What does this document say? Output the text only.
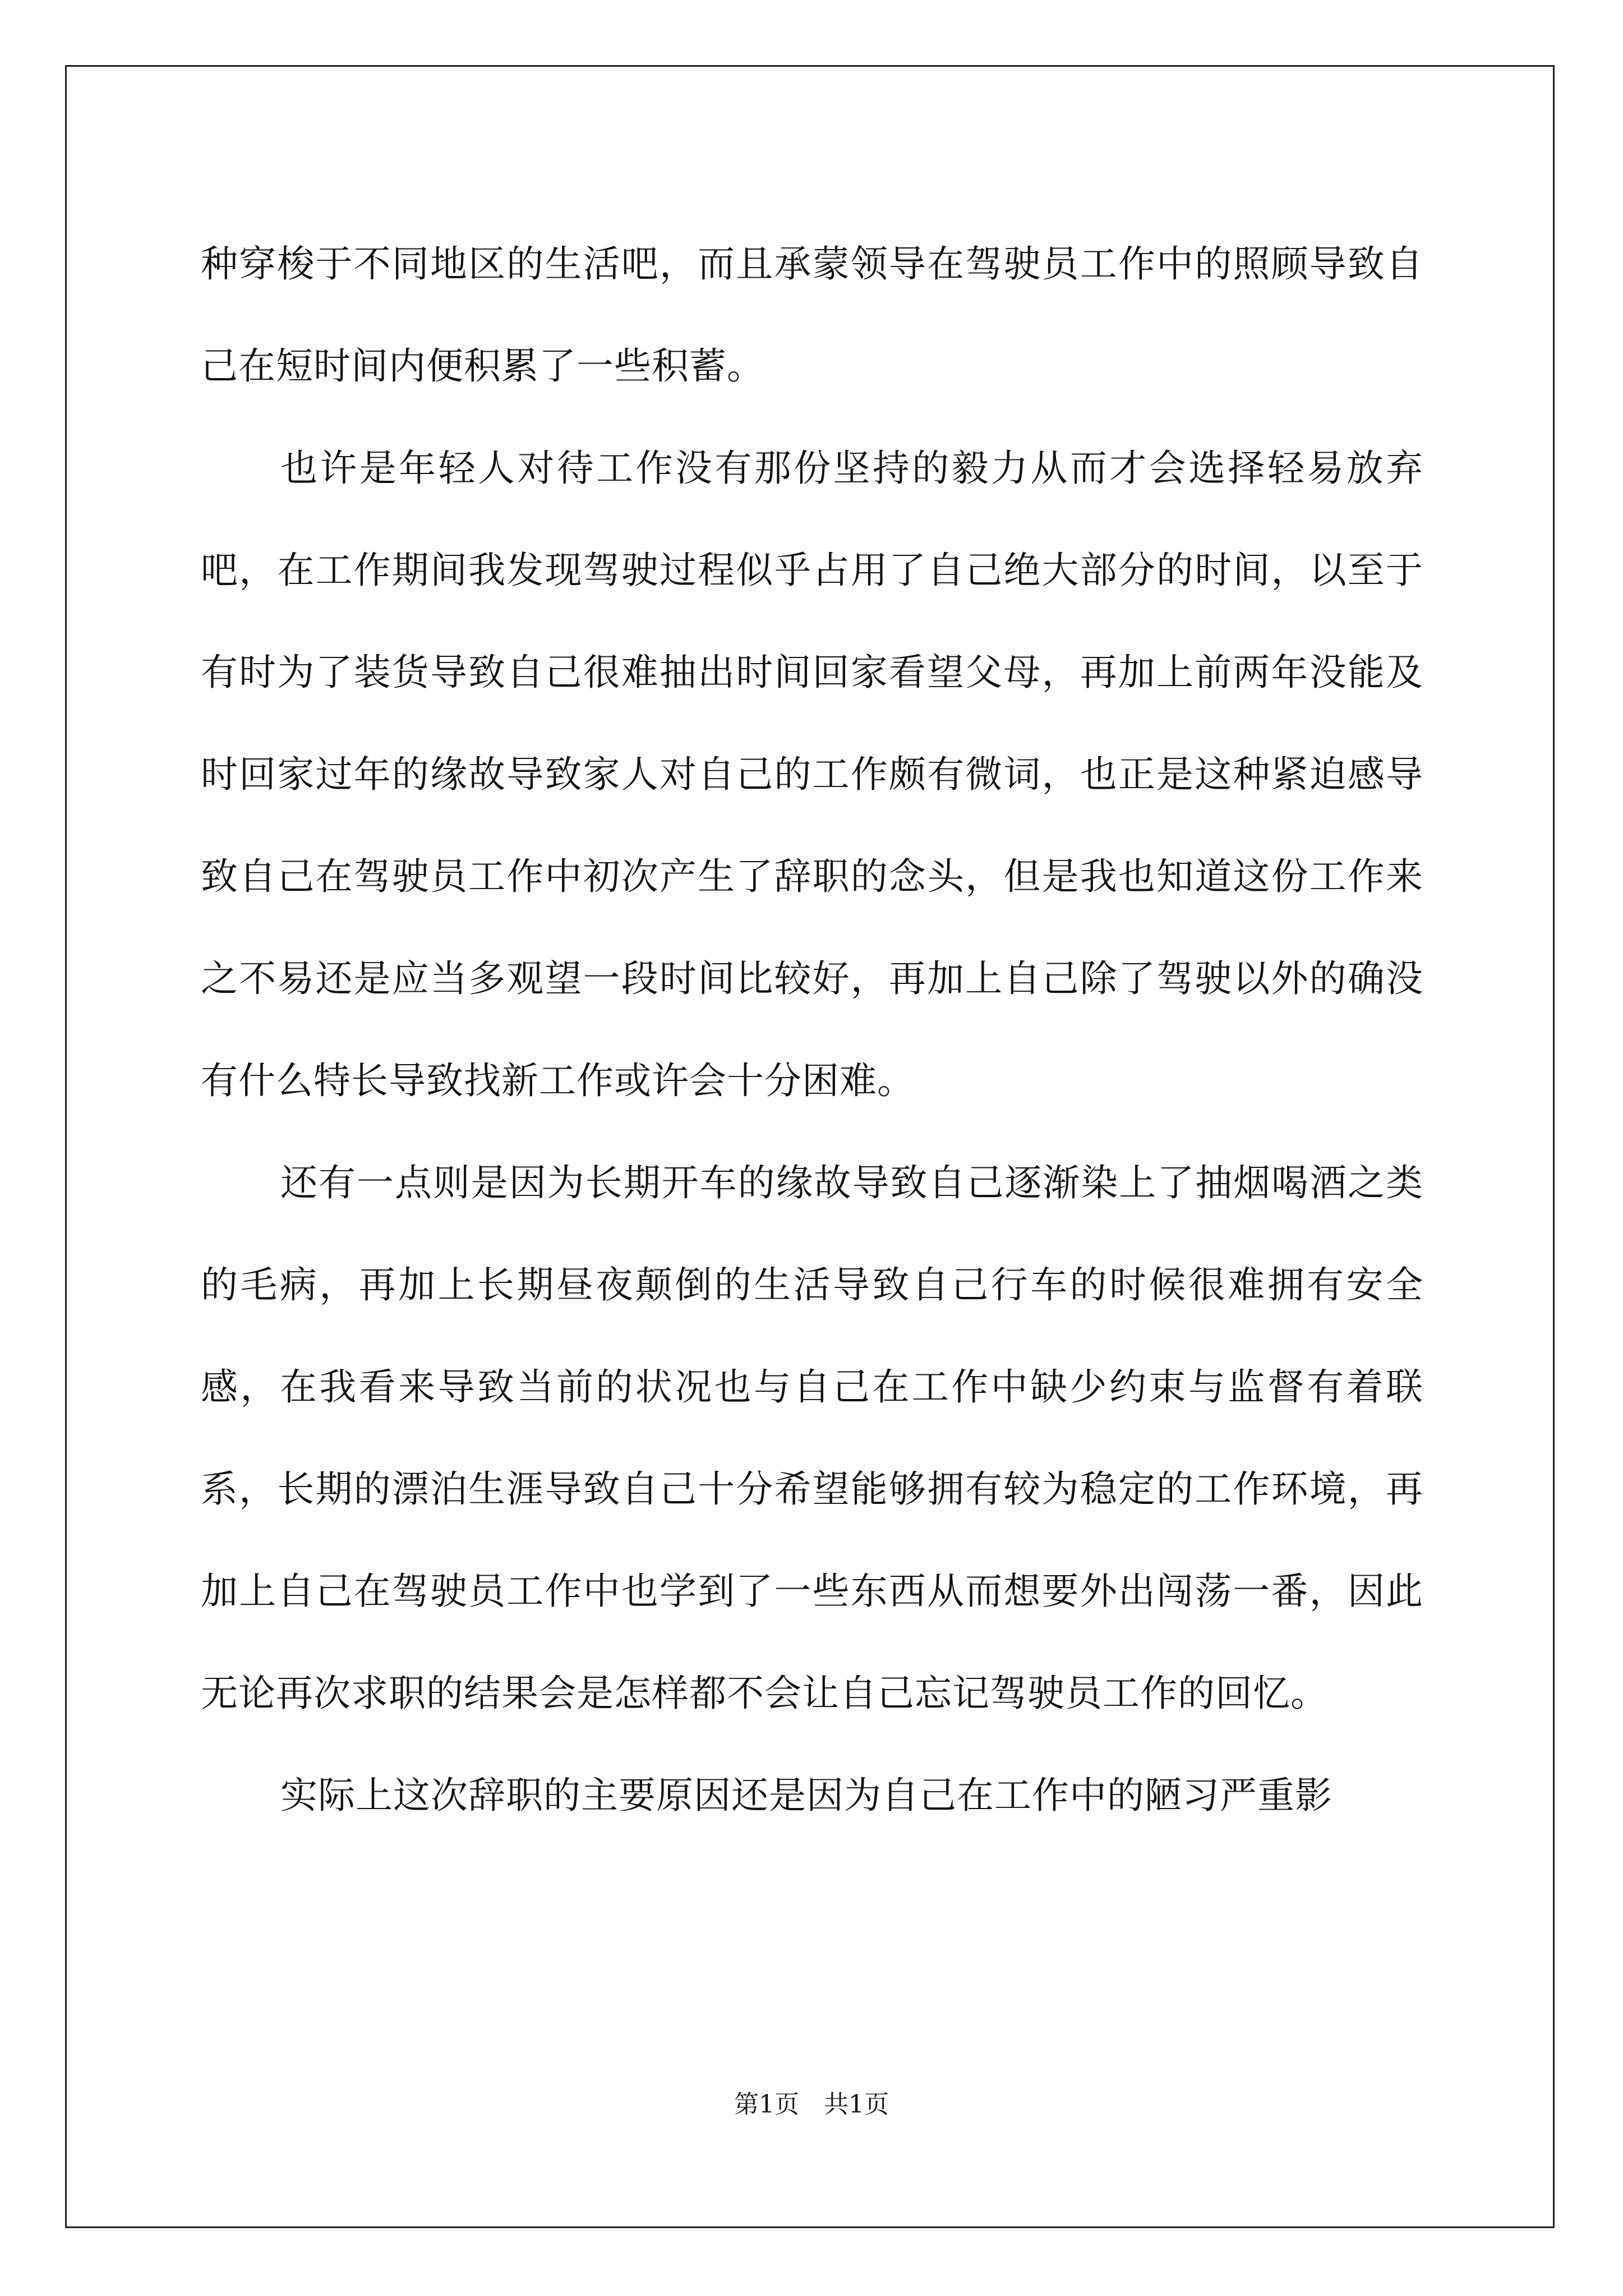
种穿梭于不同地区的生活吧，而且承蒙领导在驾驶员工作中的照顾导致自己在短时间内便积累了一些积蓄。

也许是年轻人对待工作没有那份坚持的毅力从而才会选择轻易放弃吧，在工作期间我发现驾驶过程似乎占用了自己绝大部分的时间，以至于有时为了装货导致自己很难抽出时间回家看望父母，再加上前两年没能及时回家过年的缘故导致家人对自己的工作颇有微词，也正是这种紧迫感导致自己在驾驶员工作中初次产生了辞职的念头，但是我也知道这份工作来之不易还是应当多观望一段时间比较好，再加上自己除了驾驶以外的确没有什么特长导致找新工作或许会十分困难。

还有一点则是因为长期开车的缘故导致自己逐渐染上了抽烟喝酒之类的毛病，再加上长期昼夜颠倒的生活导致自己行车的时候很难拥有安全感，在我看来导致当前的状况也与自己在工作中缺少约束与监督有着联系，长期的漂泊生涯导致自己十分希望能够拥有较为稳定的工作环境，再加上自己在驾驶员工作中也学到了一些东西从而想要外出闯荡一番，因此无论再次求职的结果会是怎样都不会让自己忘记驾驶员工作的回忆。

实际上这次辞职的主要原因还是因为自己在工作中的陋习严重影

第1页 共1页
